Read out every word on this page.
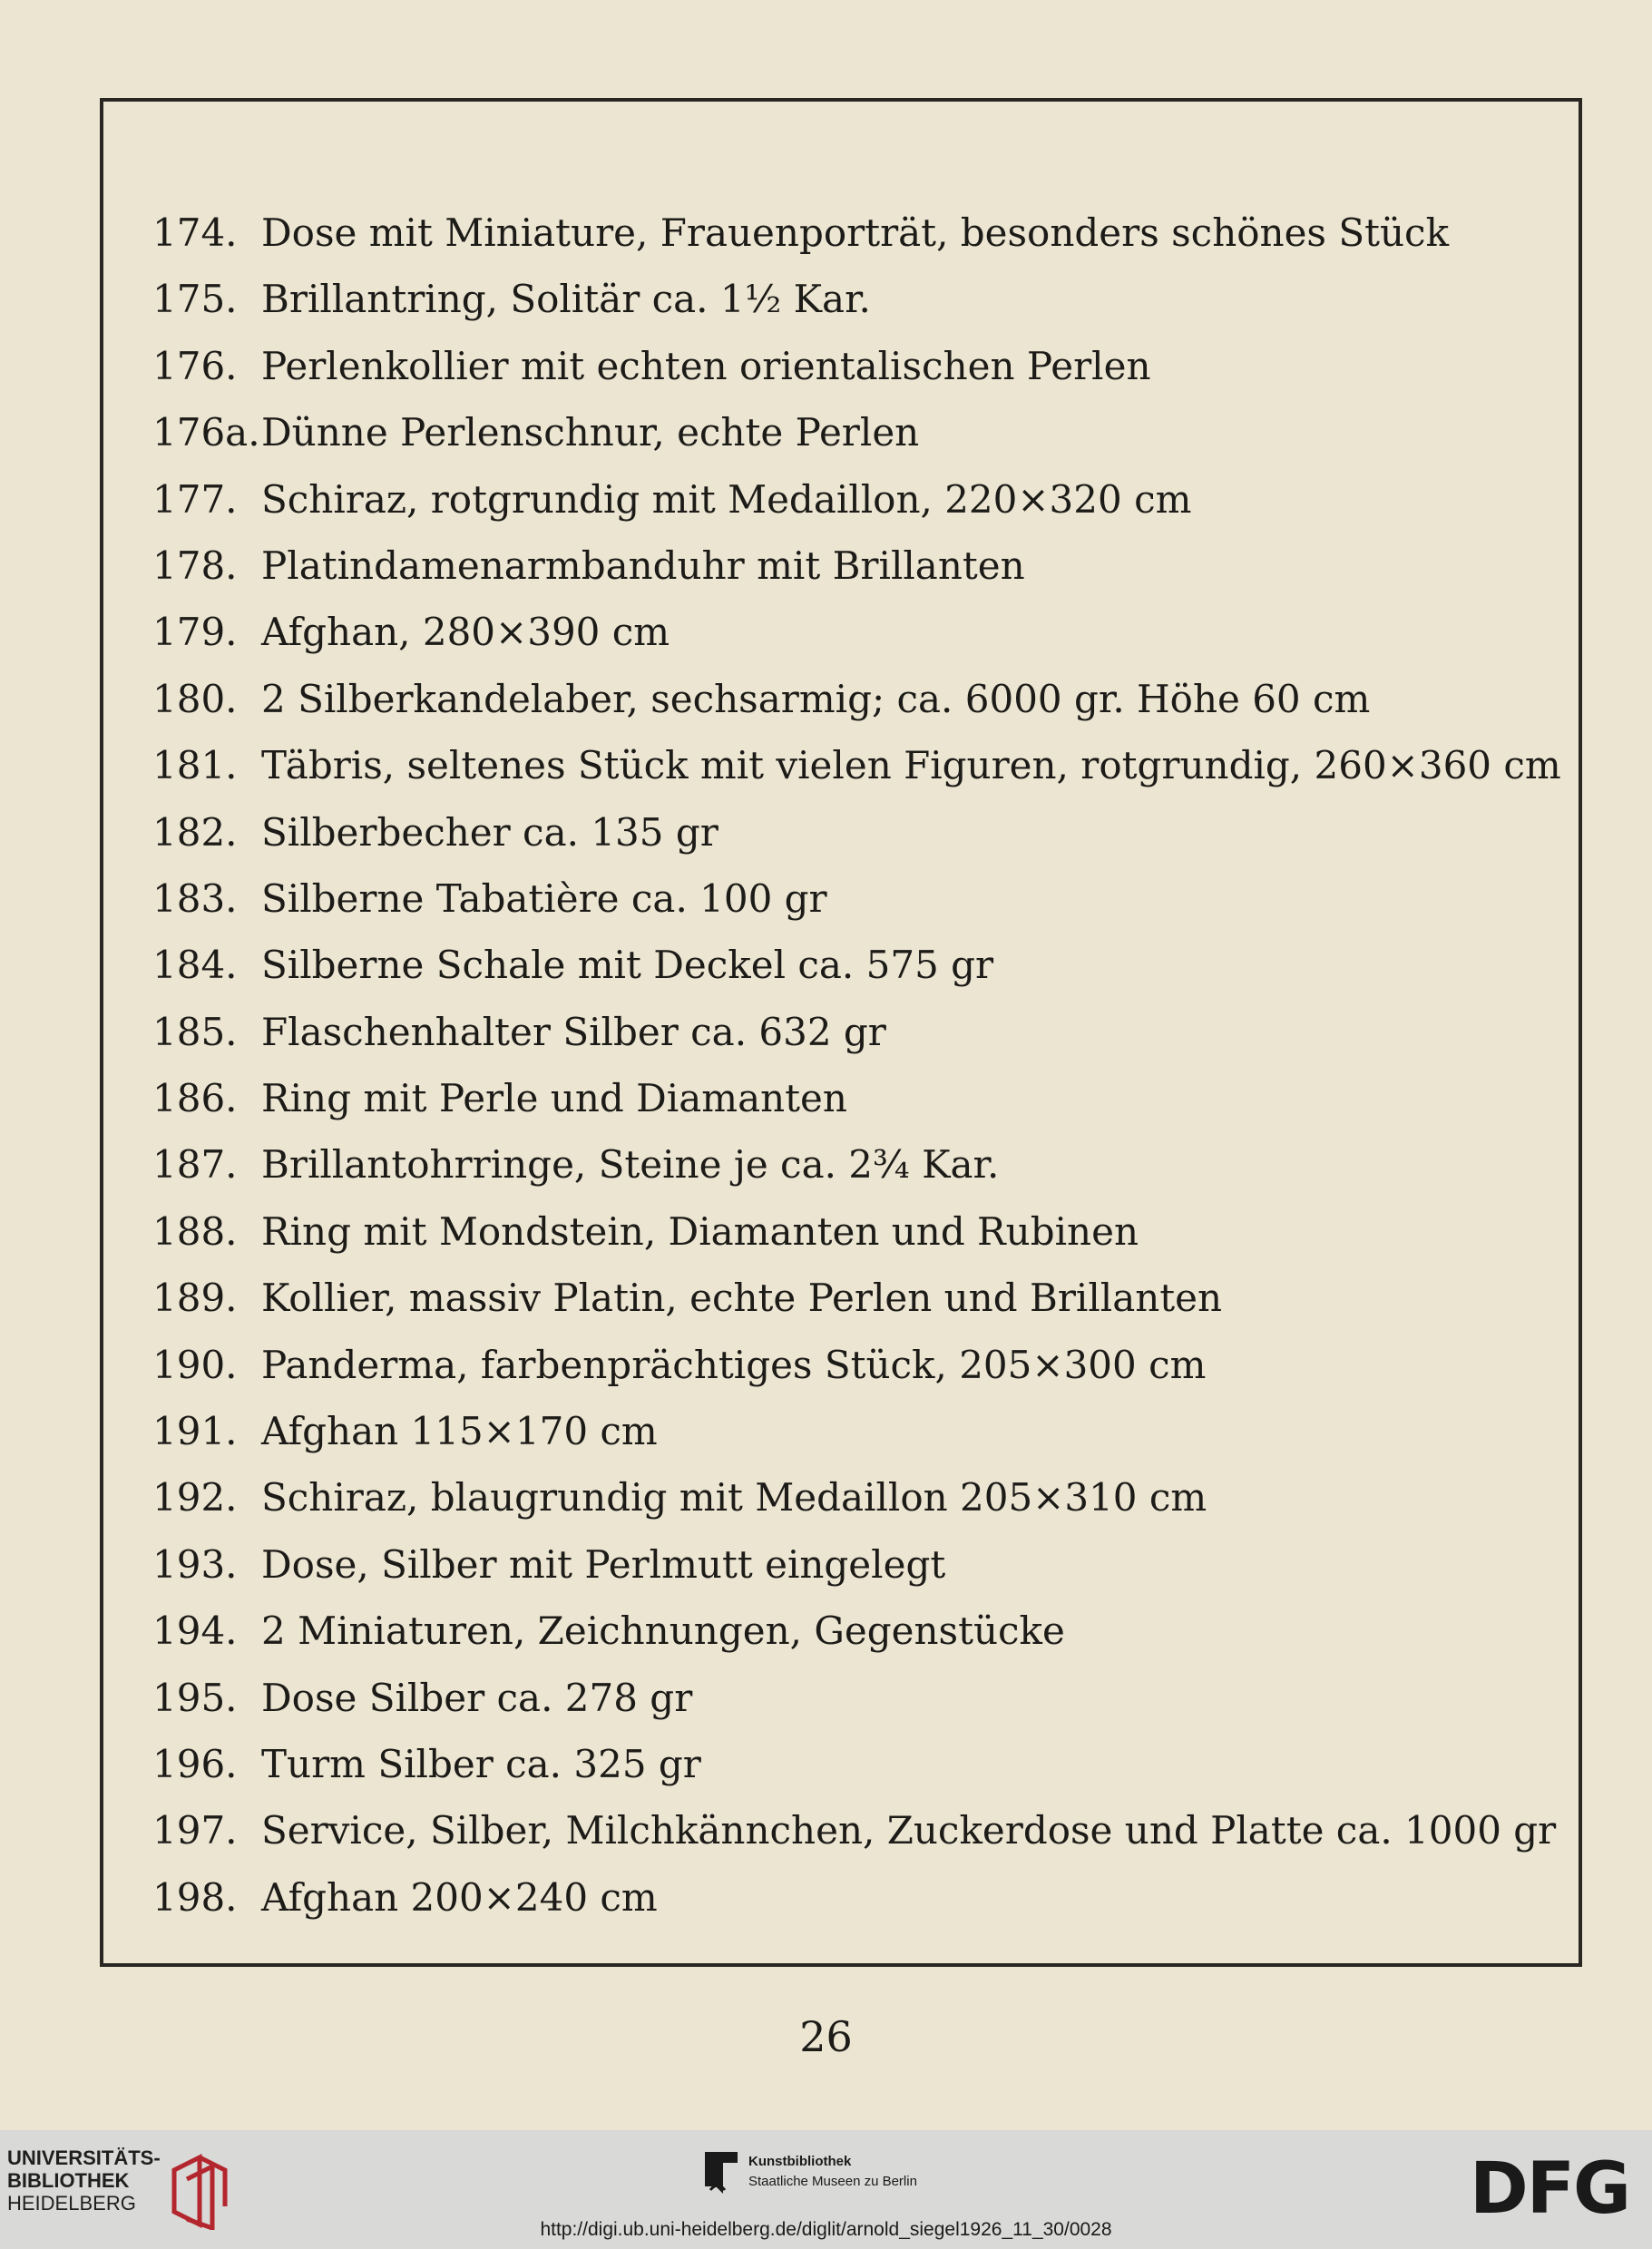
174. Dose mit Miniature, Frauenporträt, besonders schönes Stück
175. Brillantring, Solitär ca. 1½ Kar.
176. Perlenkollier mit echten orientalischen Perlen
176a. Dünne Perlenschnur, echte Perlen
177. Schiraz, rotgrundig mit Medaillon, 220×320 cm
178. Platindamenarmbanduhr mit Brillanten
179. Afghan, 280×390 cm
180. 2 Silberkandelaber, sechsarmig; ca. 6000 gr. Höhe 60 cm
181. Täbris, seltenes Stück mit vielen Figuren, rotgrundig, 260×360 cm
182. Silberbecher ca. 135 gr
183. Silberne Tabatière ca. 100 gr
184. Silberne Schale mit Deckel ca. 575 gr
185. Flaschenhalter Silber ca. 632 gr
186. Ring mit Perle und Diamanten
187. Brillantohrringe, Steine je ca. 2¾ Kar.
188. Ring mit Mondstein, Diamanten und Rubinen
189. Kollier, massiv Platin, echte Perlen und Brillanten
190. Panderma, farbenprächtiges Stück, 205×300 cm
191. Afghan 115×170 cm
192. Schiraz, blaugrundig mit Medaillon 205×310 cm
193. Dose, Silber mit Perlmutt eingelegt
194. 2 Miniaturen, Zeichnungen, Gegenstücke
195. Dose Silber ca. 278 gr
196. Turm Silber ca. 325 gr
197. Service, Silber, Milchkännchen, Zuckerdose und Platte ca. 1000 gr
198. Afghan 200×240 cm
26
UNIVERSITÄTS-
BIBLIOTHEK
HEIDELBERG
Kunstbibliothek
Staatliche Museen zu Berlin	DFG
http://digi.ub.uni-heidelberg.de/diglit/arnold_siegel1926_11_30/0028
